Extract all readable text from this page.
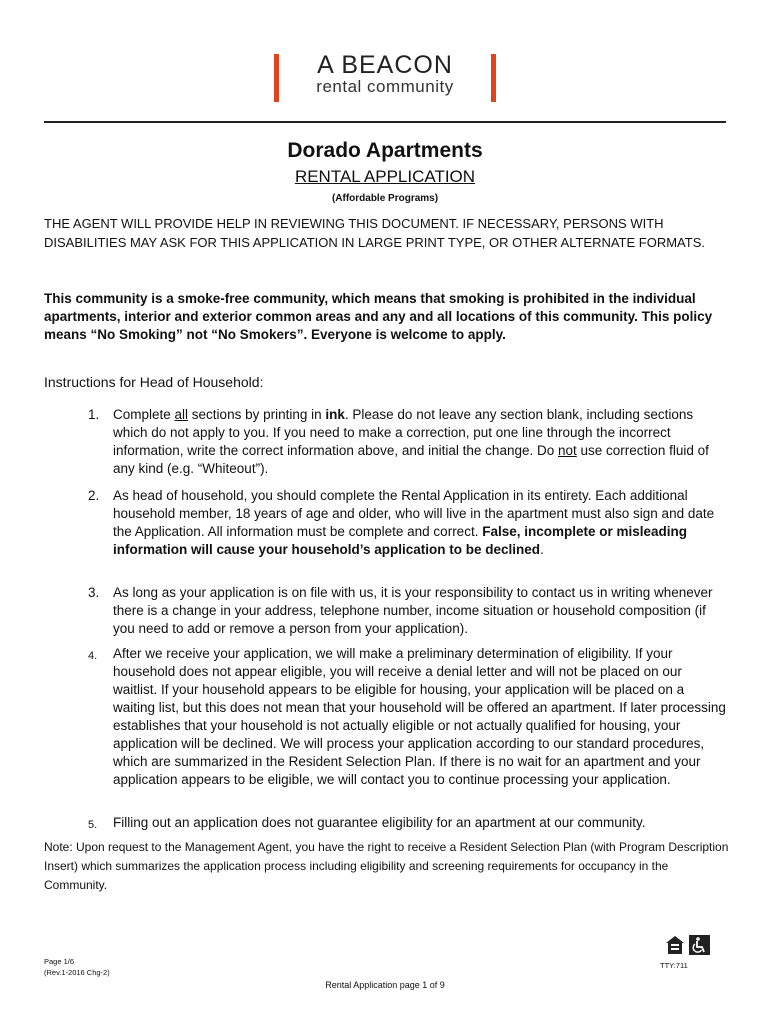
A BEACON
rental community
Dorado Apartments
RENTAL APPLICATION
(Affordable Programs)
THE AGENT WILL PROVIDE HELP IN REVIEWING THIS DOCUMENT. IF NECESSARY, PERSONS WITH DISABILITIES MAY ASK FOR THIS APPLICATION IN LARGE PRINT TYPE, OR OTHER ALTERNATE FORMATS.
This community is a smoke-free community, which means that smoking is prohibited in the individual apartments, interior and exterior common areas and any and all locations of this community. This policy means “No Smoking” not “No Smokers”. Everyone is welcome to apply.
Instructions for Head of Household:
1.	Complete all sections by printing in ink. Please do not leave any section blank, including sections which do not apply to you. If you need to make a correction, put one line through the incorrect information, write the correct information above, and initial the change. Do not use correction fluid of any kind (e.g. “Whiteout”).
2.	As head of household, you should complete the Rental Application in its entirety. Each additional household member, 18 years of age and older, who will live in the apartment must also sign and date the Application. All information must be complete and correct. False, incomplete or misleading information will cause your household’s application to be declined.
3.	As long as your application is on file with us, it is your responsibility to contact us in writing whenever there is a change in your address, telephone number, income situation or household composition (if you need to add or remove a person from your application).
4.	After we receive your application, we will make a preliminary determination of eligibility. If your household does not appear eligible, you will receive a denial letter and will not be placed on our waitlist. If your household appears to be eligible for housing, your application will be placed on a waiting list, but this does not mean that your household will be offered an apartment. If later processing establishes that your household is not actually eligible or not actually qualified for housing, your application will be declined. We will process your application according to our standard procedures, which are summarized in the Resident Selection Plan. If there is no wait for an apartment and your application appears to be eligible, we will contact you to continue processing your application.
5.	Filling out an application does not guarantee eligibility for an apartment at our community.
Note: Upon request to the Management Agent, you have the right to receive a Resident Selection Plan (with Program Description Insert) which summarizes the application process including eligibility and screening requirements for occupancy in the Community.
Page 1/6
(Rev.1-2016 Chg-2)
TTY:711
Rental Application page 1 of 9
